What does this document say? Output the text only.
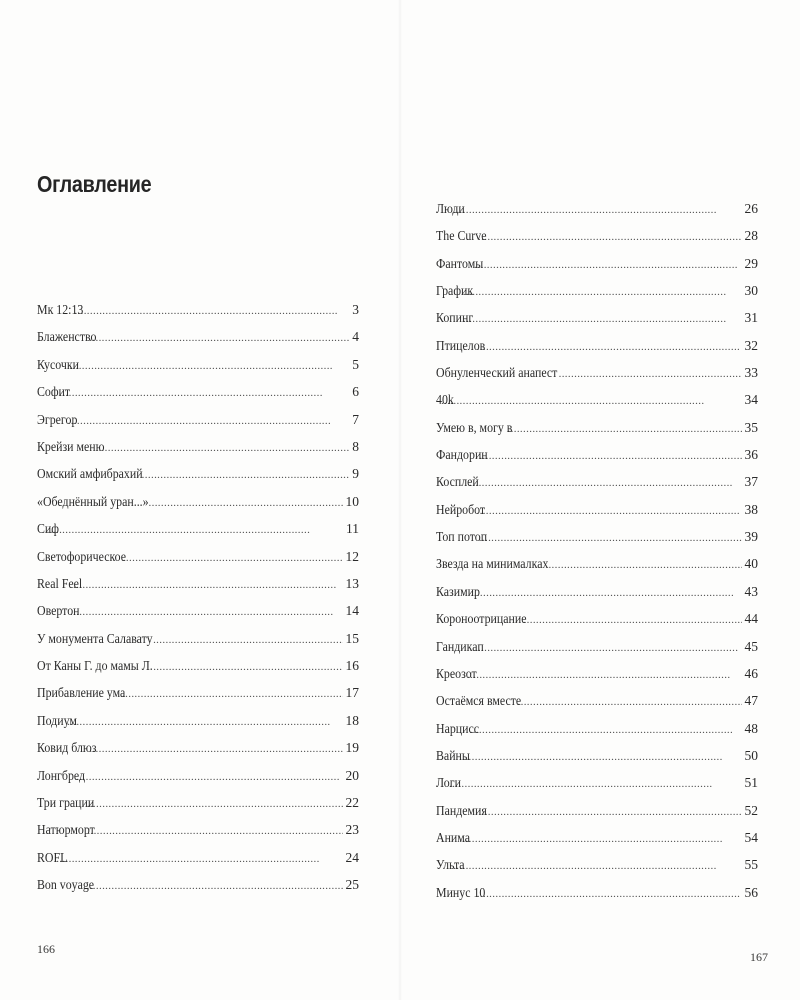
Оглавление
Мк 12:13 . . .	3
Блаженство . . .	4
Кусочки . . .	5
Софит . . .	6
Эгрегор . . .	7
Крейзи меню . . .	8
Омский амфибрахий . . .	9
«Обеднённый уран...» . . .	10
Сиф . . .	11
Светофорическое . . .	12
Real Feel . . .	13
Овертон . . .	14
У монумента Салавату . . .	15
От Каны Г. до мамы Л. . . .	16
Прибавление ума . . .	17
Подиум . . .	18
Ковид блюз . . .	19
Лонгбред . . .	20
Три грации . . .	22
Натюрморт . . .	23
ROFL . . .	24
Bon voyage . . .	25
166
Люди . . .	26
The Curve . . .	28
Фантомы . . .	29
График . . .	30
Копинг . . .	31
Птицелов . . .	32
Обнуленческий анапест . . .	33
40k . . .	34
Умею в, могу в . . .	35
Фандорин . . .	36
Косплей . . .	37
Нейробот . . .	38
Топ потоп . . .	39
Звезда на минималках . . .	40
Казимир . . .	43
Короноотрицание . . .	44
Гандикап . . .	45
Креозот . . .	46
Остаёмся вместе . . .	47
Нарцисс . . .	48
Вайны . . .	50
Логи . . .	51
Пандемия . . .	52
Анима . . .	54
Ульта . . .	55
Минус 10 . . .	56
167
